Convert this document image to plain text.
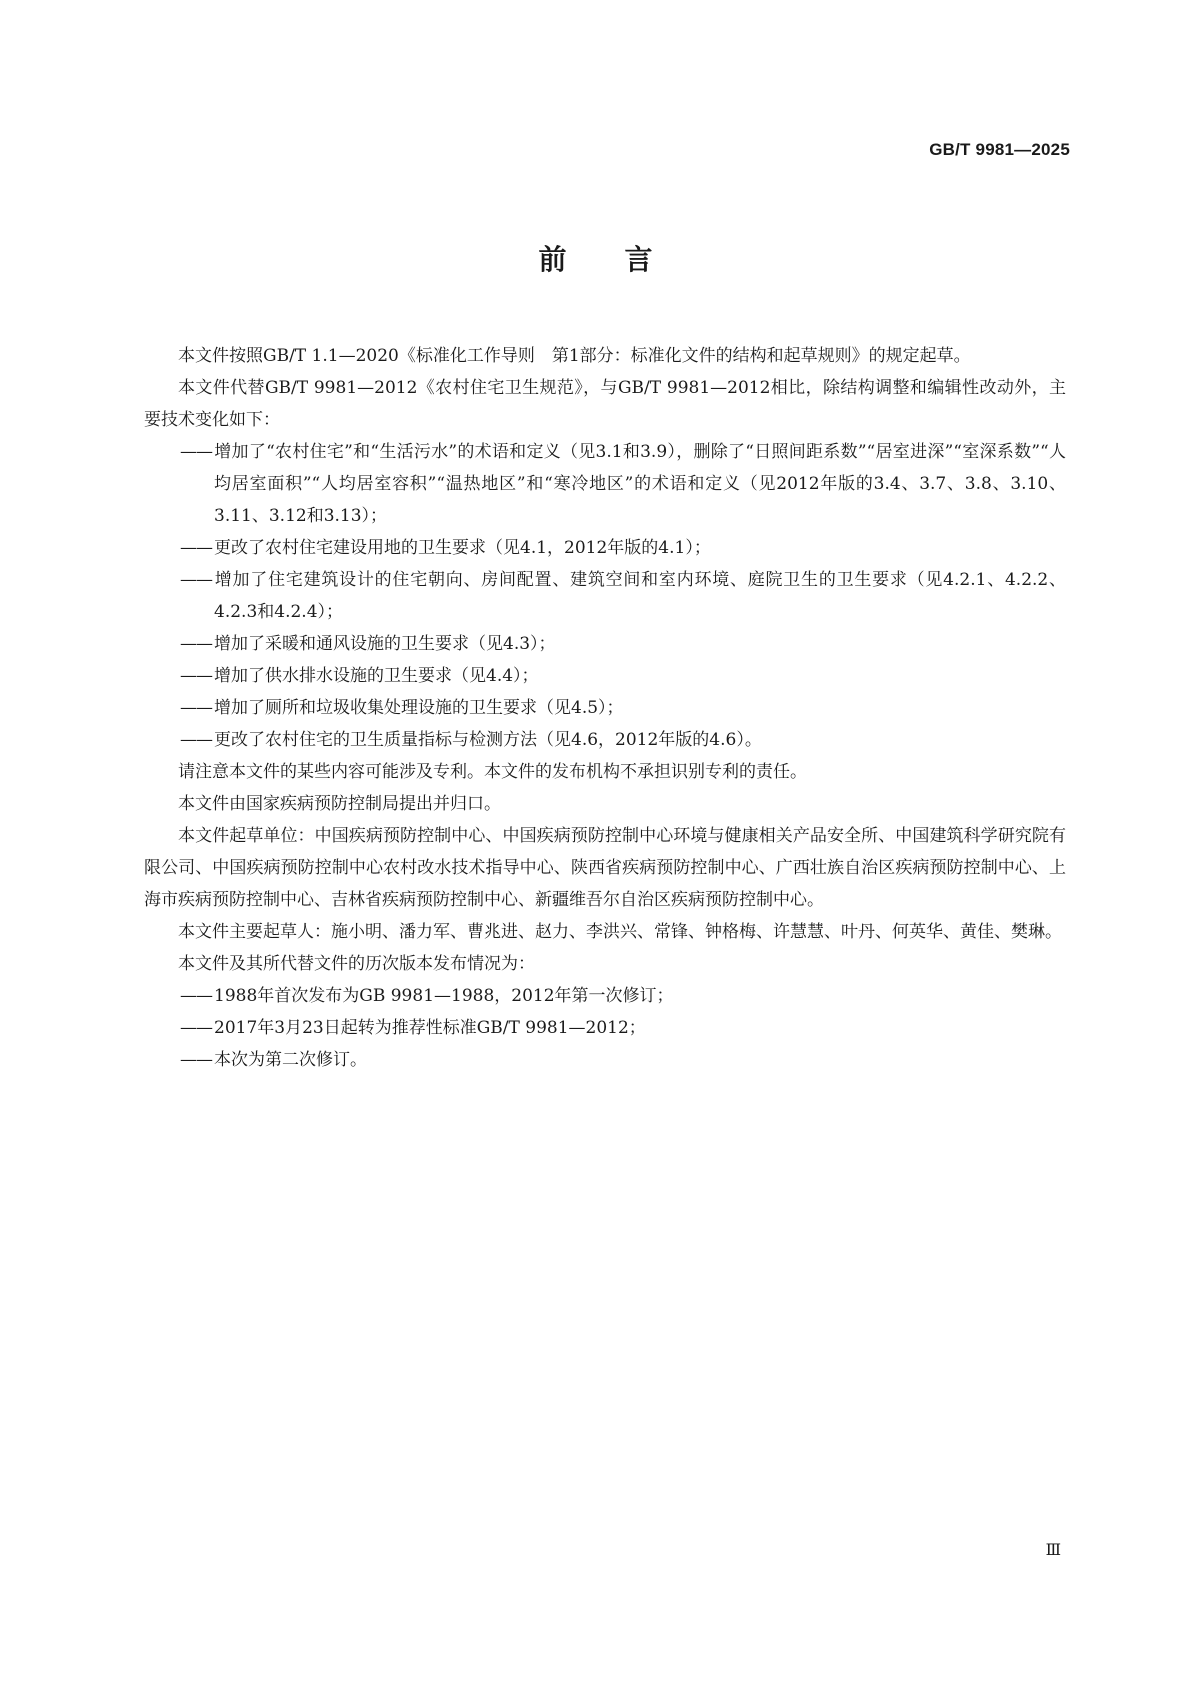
GB/T 9981—2025
前言

本文件按照GB/T 1.1—2020《标准化工作导则　第1部分：标准化文件的结构和起草规则》的规定起草。

本文件代替GB/T 9981—2012《农村住宅卫生规范》，与GB/T 9981—2012相比，除结构调整和编辑性改动外，主要技术变化如下：

—— 增加了“农村住宅”和“生活污水”的术语和定义（见3.1和3.9），删除了“日照间距系数”“居室进深”“室深系数”“人均居室面积”“人均居室容积”“温热地区”和“寒冷地区”的术语和定义（见2012年版的3.4、3.7、3.8、3.10、3.11、3.12和3.13）；
—— 更改了农村住宅建设用地的卫生要求（见4.1，2012年版的4.1）；
—— 增加了住宅建筑设计的住宅朝向、房间配置、建筑空间和室内环境、庭院卫生的卫生要求（见4.2.1、4.2.2、4.2.3和4.2.4）；
—— 增加了采暖和通风设施的卫生要求（见4.3）；
—— 增加了供水排水设施的卫生要求（见4.4）；
—— 增加了厕所和垃圾收集处理设施的卫生要求（见4.5）；
—— 更改了农村住宅的卫生质量指标与检测方法（见4.6，2012年版的4.6）。

请注意本文件的某些内容可能涉及专利。本文件的发布机构不承担识别专利的责任。

本文件由国家疾病预防控制局提出并归口。

本文件起草单位：中国疾病预防控制中心、中国疾病预防控制中心环境与健康相关产品安全所、中国建筑科学研究院有限公司、中国疾病预防控制中心农村改水技术指导中心、陕西省疾病预防控制中心、广西壮族自治区疾病预防控制中心、上海市疾病预防控制中心、吉林省疾病预防控制中心、新疆维吾尔自治区疾病预防控制中心。

本文件主要起草人：施小明、潘力军、曹兆进、赵力、李洪兴、常锋、钟格梅、许慧慧、叶丹、何英华、黄佳、樊琳。

本文件及其所代替文件的历次版本发布情况为：

—— 1988年首次发布为GB 9981—1988，2012年第一次修订；
—— 2017年3月23日起转为推荐性标准GB/T 9981—2012；
—— 本次为第二次修订。
Ⅲ
